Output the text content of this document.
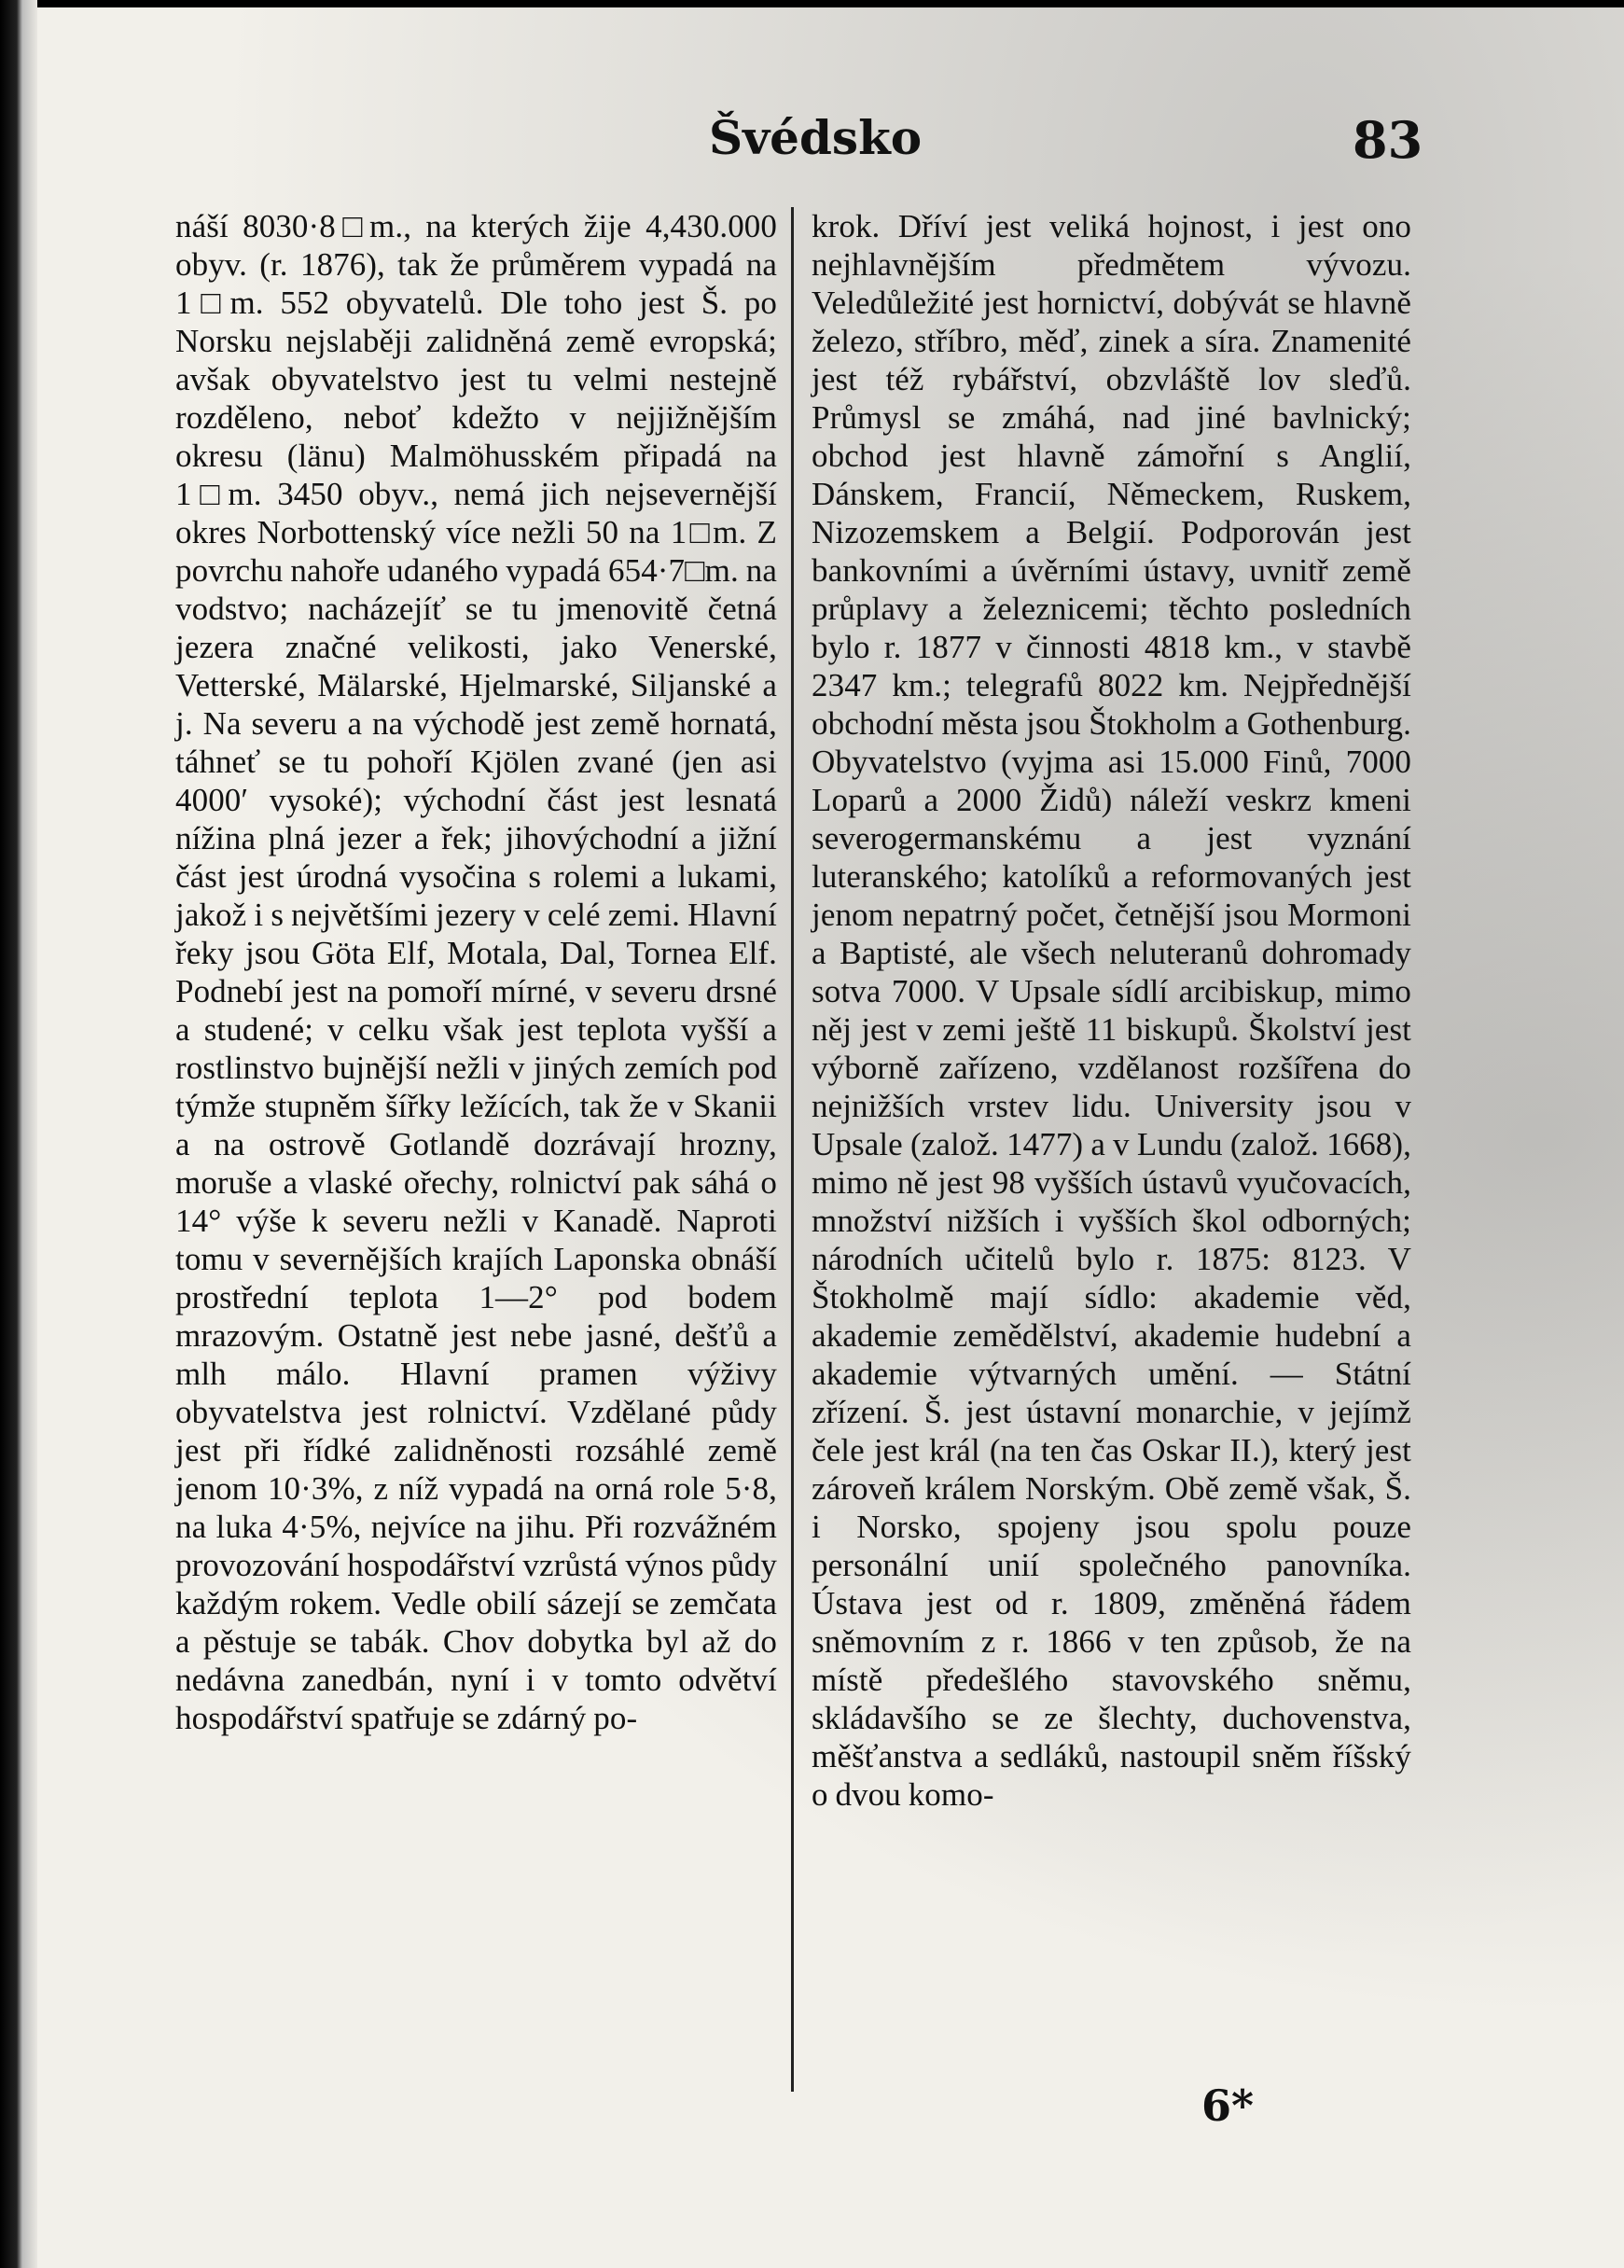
Švédsko	83
náší 8030·8□m., na kterých žije 4,430.000 obyv. (r. 1876), tak že průměrem vypadá na 1□m. 552 obyvatelů. Dle toho jest Š. po Norsku nejslaběji zalidněná země evropská; avšak obyvatelstvo jest tu velmi nestejně rozděleno, neboť kdežto v nejjižnějším okresu (länu) Malmöhusském připadá na 1□m. 3450 obyv., nemá jich nejsevernější okres Norbottenský více nežli 50 na 1□m. Z povrchu nahoře udaného vypadá 654·7□m. na vodstvo; nacházejíť se tu jmenovitě četná jezera značné velikosti, jako Venerské, Vetterské, Mälarské, Hjelmarské, Siljanské a j. Na severu a na východě jest země hornatá, táhneť se tu pohoří Kjölen zvané (jen asi 4000′ vysoké); východní část jest lesnatá nížina plná jezer a řek; jihovýchodní a jižní část jest úrodná vysočina s rolemi a lukami, jakož i s největšími jezery v celé zemi. Hlavní řeky jsou Göta Elf, Motala, Dal, Tornea Elf. Podnebí jest na pomoří mírné, v severu drsné a studené; v celku však jest teplota vyšší a rostlinstvo bujnější nežli v jiných zemích pod týmže stupněm šířky ležících, tak že v Skanii a na ostrově Gotlandě dozrávají hrozny, moruše a vlaské ořechy, rolnictví pak sáhá o 14° výše k severu nežli v Kanadě. Naproti tomu v severnějších krajích Laponska obnáší prostřední teplota 1—2° pod bodem mrazovým. Ostatně jest nebe jasné, dešťů a mlh málo. Hlavní pramen výživy obyvatelstva jest rolnictví. Vzdělané půdy jest při řídké zalidněnosti rozsáhlé země jenom 10·3%, z níž vypadá na orná role 5·8, na luka 4·5%, nejvíce na jihu. Při rozvážném provozování hospodářství vzrůstá výnos půdy každým rokem. Vedle obilí sázejí se zemčata a pěstuje se tabák. Chov dobytka byl až do nedávna zanedbán, nyní i v tomto odvětví hospodářství spatřuje se zdárný po-
krok. Dříví jest veliká hojnost, i jest ono nejhlavnějším předmětem vývozu. Veledůležité jest hornictví, dobývát se hlavně železo, stříbro, měď, zinek a síra. Znamenité jest též rybářství, obzvláště lov sleďů. Průmysl se zmáhá, nad jiné bavlnický; obchod jest hlavně zámořní s Anglií, Dánskem, Francií, Německem, Ruskem, Nizozemskem a Belgií. Podporován jest bankovními a úvěrními ústavy, uvnitř země průplavy a železnicemi; těchto posledních bylo r. 1877 v činnosti 4818 km., v stavbě 2347 km.; telegrafů 8022 km. Nejpřednější obchodní města jsou Štokholm a Gothenburg. Obyvatelstvo (vyjma asi 15.000 Finů, 7000 Loparů a 2000 Židů) náleží veskrz kmeni severogermanskému a jest vyznání luteranského; katolíků a reformovaných jest jenom nepatrný počet, četnější jsou Mormoni a Baptisté, ale všech neluteranů dohromady sotva 7000. V Upsale sídlí arcibiskup, mimo něj jest v zemi ještě 11 biskupů. Školství jest výborně zařízeno, vzdělanost rozšířena do nejnižších vrstev lidu. University jsou v Upsale (založ. 1477) a v Lundu (založ. 1668), mimo ně jest 98 vyšších ústavů vyučovacích, množství nižších i vyšších škol odborných; národních učitelů bylo r. 1875: 8123. V Štokholmě mají sídlo: akademie věd, akademie zemědělství, akademie hudební a akademie výtvarných umění. — Státní zřízení. Š. jest ústavní monarchie, v jejímž čele jest král (na ten čas Oskar II.), který jest zároveň králem Norským. Obě země však, Š. i Norsko, spojeny jsou spolu pouze personální unií společného panovníka. Ústava jest od r. 1809, změněná řádem sněmovním z r. 1866 v ten způsob, že na místě předešlého stavovského sněmu, skládavšího se ze šlechty, duchovenstva, měšťanstva a sedláků, nastoupil sněm říšský o dvou komo-
6*
